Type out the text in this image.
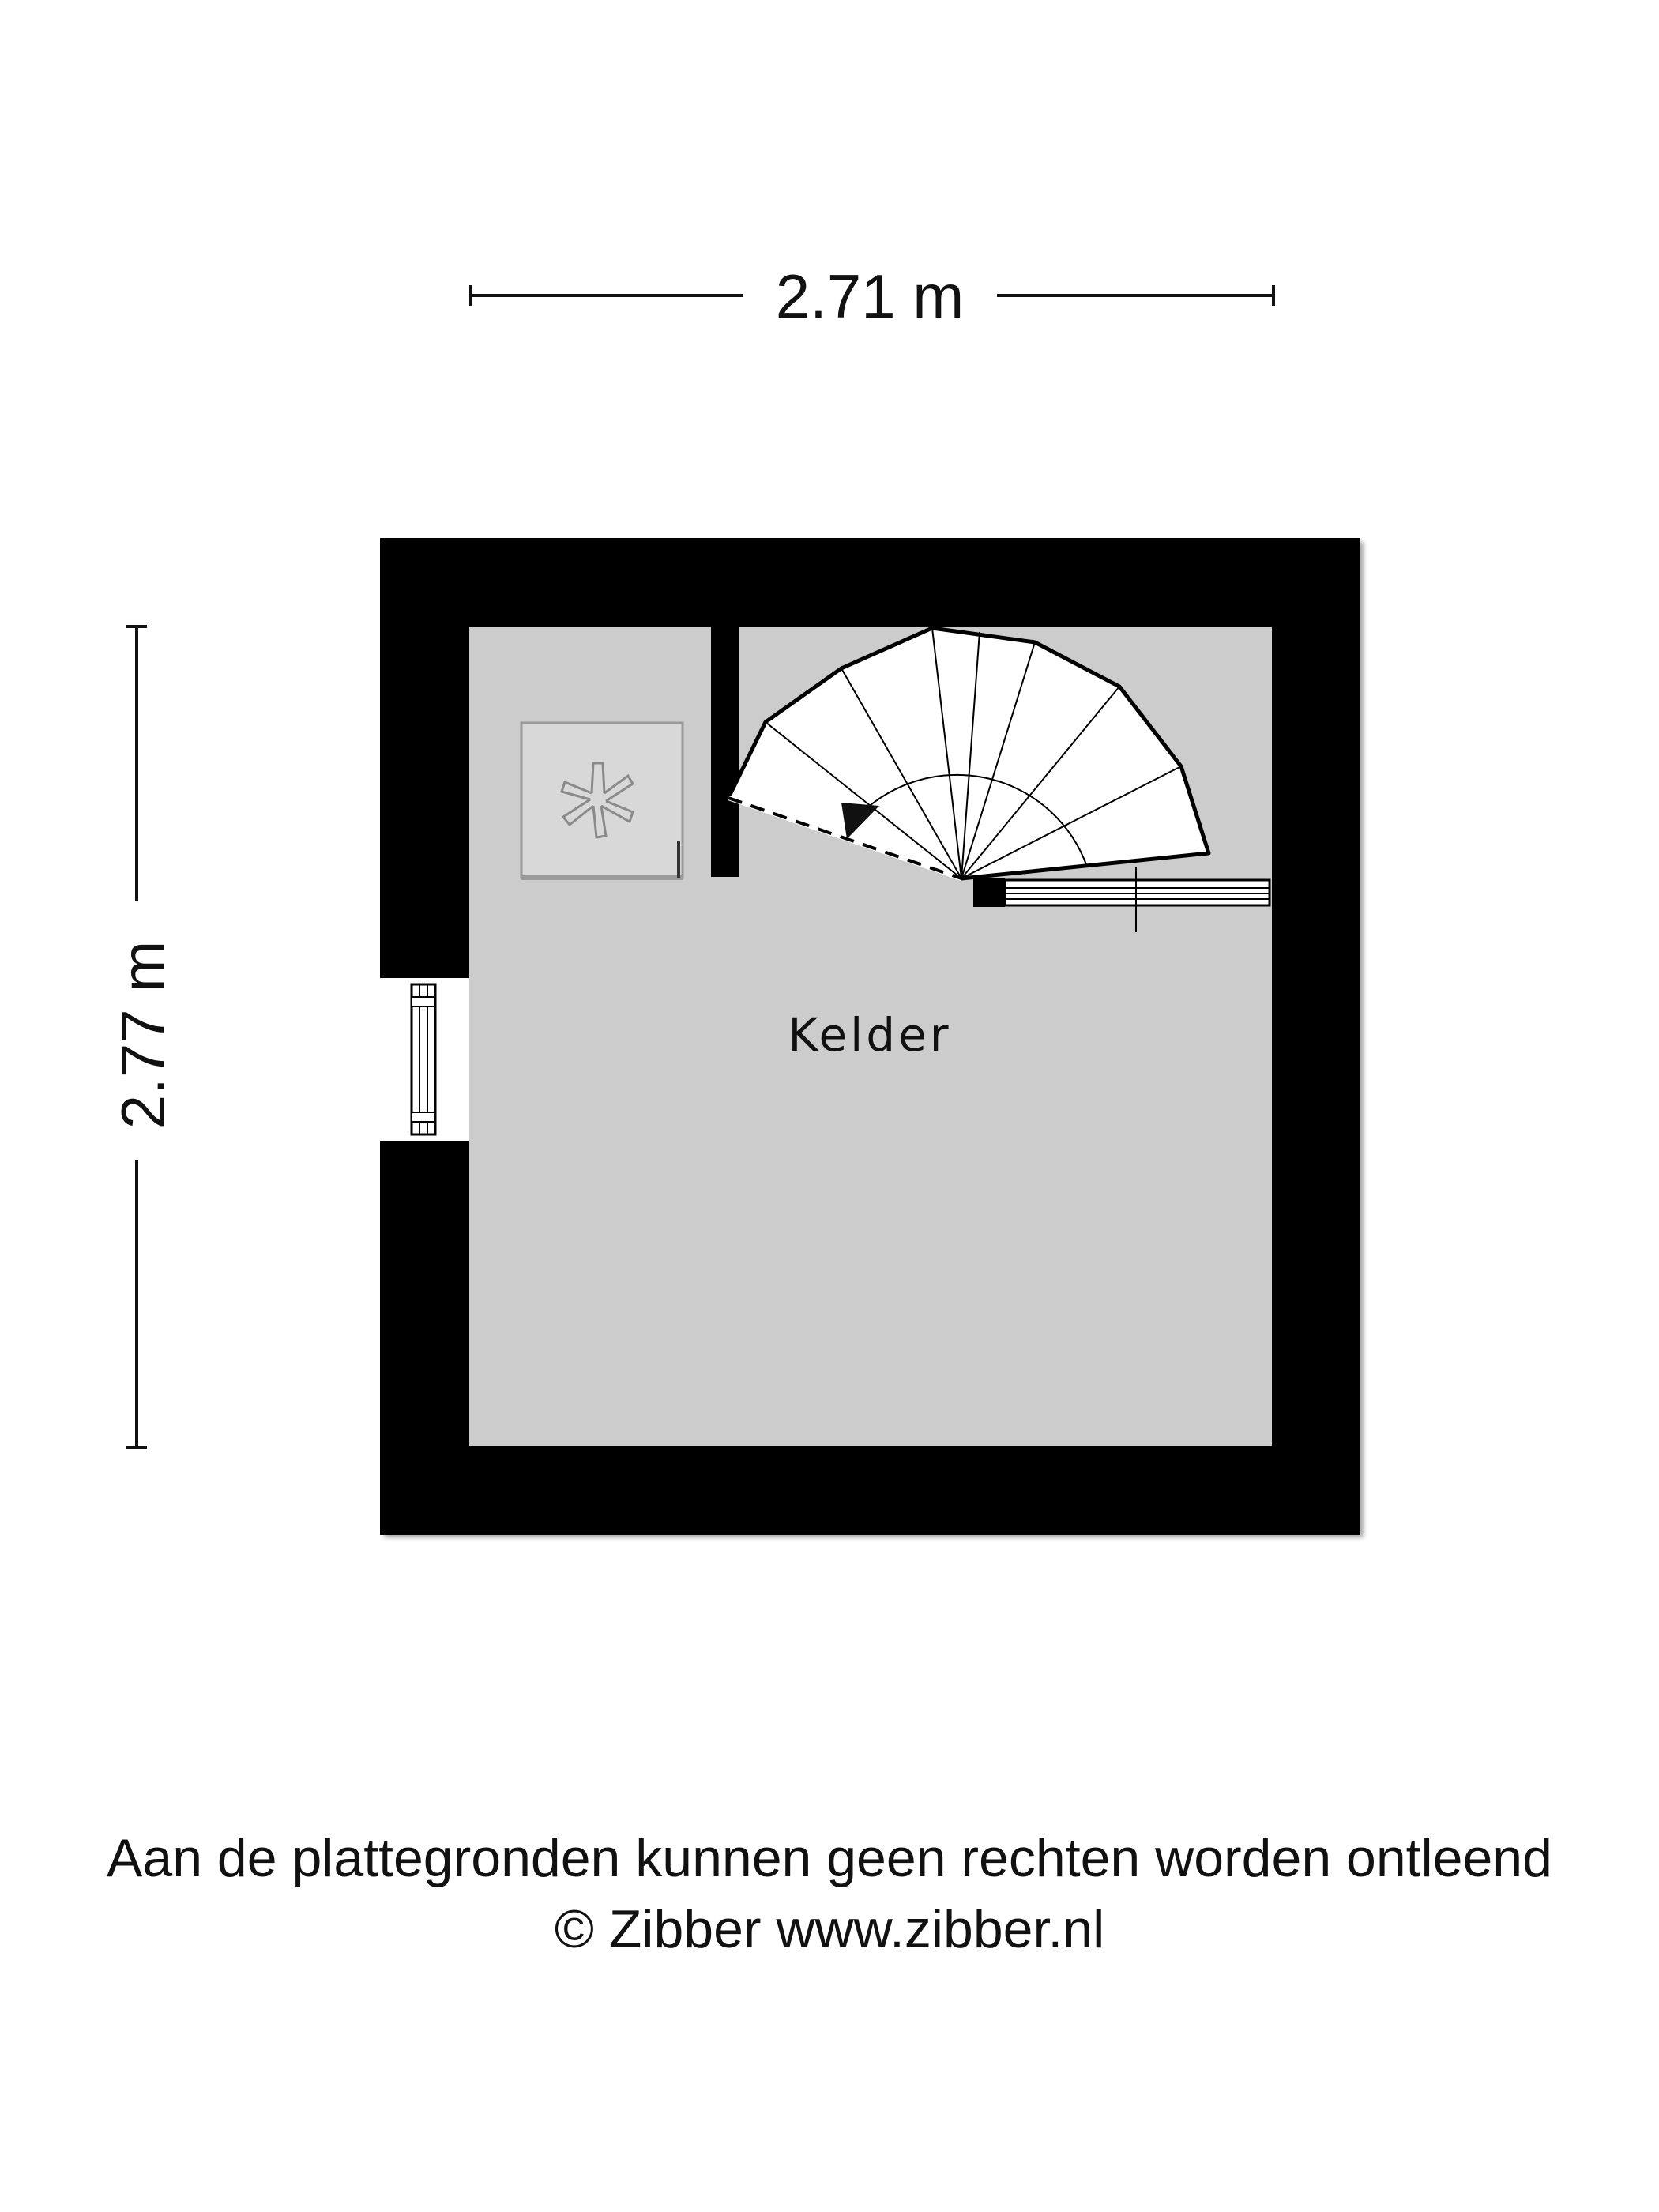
2.71 m
2.77 m	Kelder
Aan de plattegronden kunnen geen rechten worden ontleend
© Zibber www.zibber.nl
